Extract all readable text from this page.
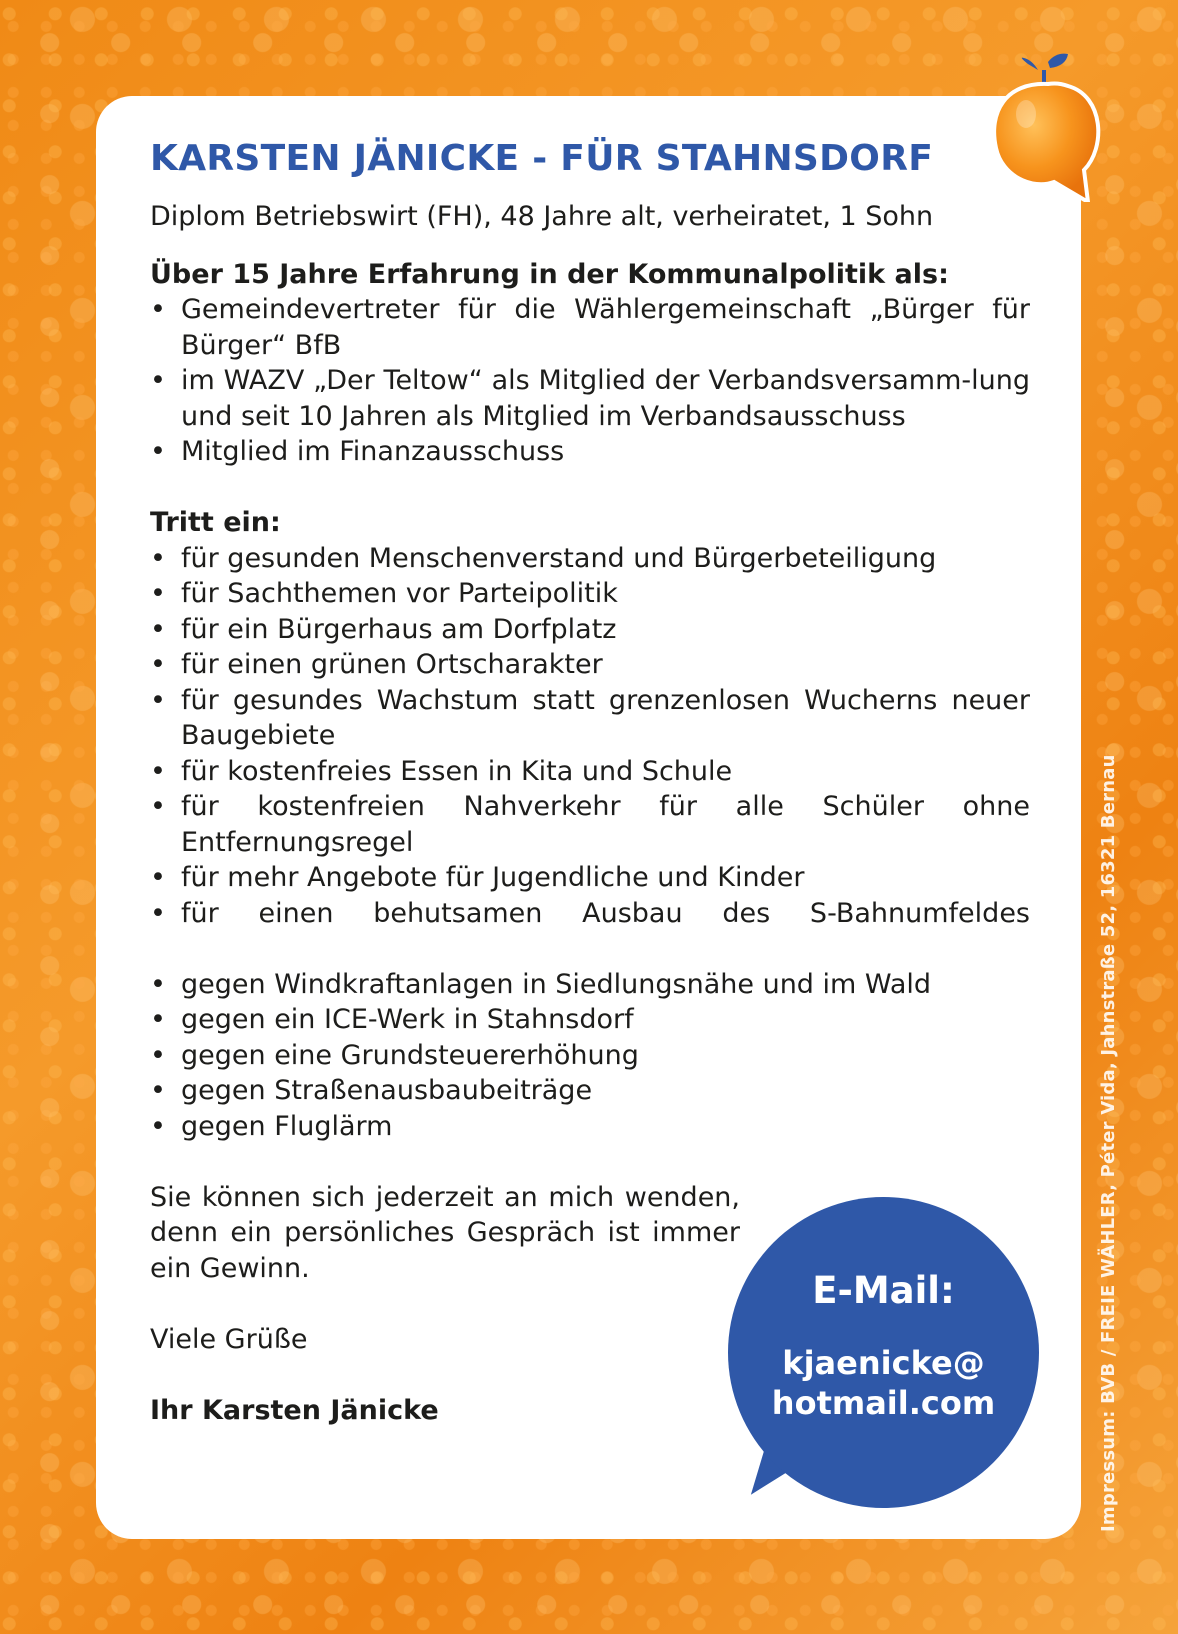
KARSTEN JÄNICKE - FÜR STAHNSDORF

Diplom Betriebswirt (FH), 48 Jahre alt, verheiratet, 1 Sohn

Über 15 Jahre Erfahrung in der Kommunalpolitik als:

• Gemeindevertreter für die Wählergemeinschaft „Bürger für Bürger“ BfB
• im WAZV „Der Teltow“ als Mitglied der Verbandsversamm-lung und seit 10 Jahren als Mitglied im Verbandsausschuss
• Mitglied im Finanzausschuss

Tritt ein:

• für gesunden Menschenverstand und Bürgerbeteiligung
• für Sachthemen vor Parteipolitik
• für ein Bürgerhaus am Dorfplatz
• für einen grünen Ortscharakter
• für gesundes Wachstum statt grenzenlosen Wucherns neuer Baugebiete
• für kostenfreies Essen in Kita und Schule
• für kostenfreien Nahverkehr für alle Schüler ohne Entfernungsregel
• für mehr Angebote für Jugendliche und Kinder
• für einen behutsamen Ausbau des S-Bahnumfeldes
• gegen Windkraftanlagen in Siedlungsnähe und im Wald
• gegen ein ICE-Werk in Stahnsdorf
• gegen eine Grundsteuererhöhung
• gegen Straßenausbaubeiträge
• gegen Fluglärm

Sie können sich jederzeit an mich wenden, denn ein persönliches Gespräch ist immer ein Gewinn.

Viele Grüße

Ihr Karsten Jänicke

E-Mail:
kjaenicke@
hotmail.com	Impressum: BVB / FREIE WÄHLER, Péter Vida, Jahnstraße 52, 16321 Bernau
